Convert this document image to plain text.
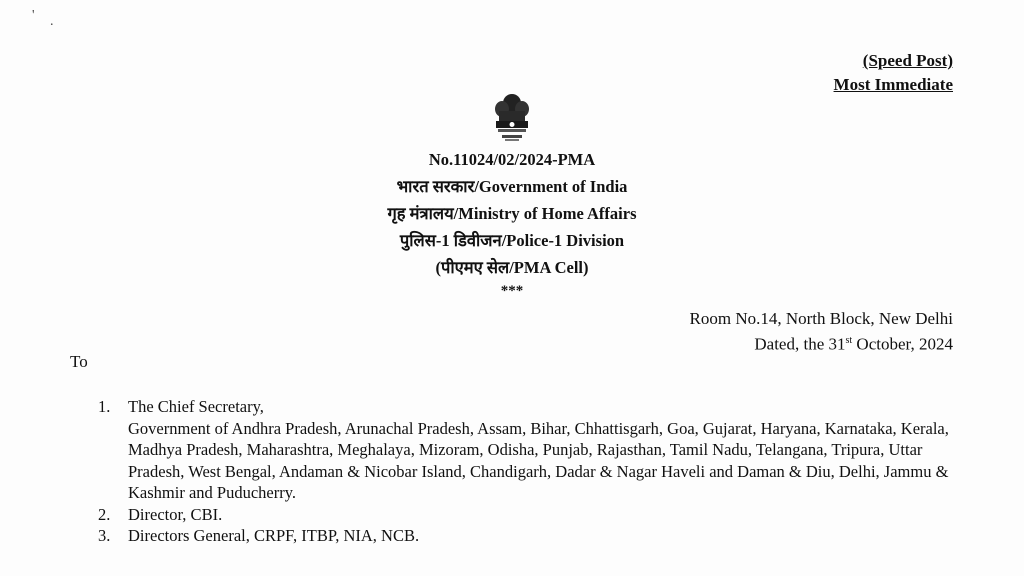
' .
(Speed Post)
Most Immediate
No.11024/02/2024-PMA
भारत सरकार/Government of India
गृह मंत्रालय/Ministry of Home Affairs
पुलिस-1 डिवीजन/Police-1 Division
(पीएमए सेल/PMA Cell)
***
Room No.14, North Block, New Delhi
Dated, the 31st October, 2024
To
1.	The Chief Secretary,
Government of Andhra Pradesh, Arunachal Pradesh, Assam, Bihar, Chhattisgarh, Goa, Gujarat, Haryana, Karnataka, Kerala, Madhya Pradesh, Maharashtra, Meghalaya, Mizoram, Odisha, Punjab, Rajasthan, Tamil Nadu, Telangana, Tripura, Uttar Pradesh, West Bengal, Andaman & Nicobar Island, Chandigarh, Dadar & Nagar Haveli and Daman & Diu, Delhi, Jammu & Kashmir and Puducherry.
2.	Director, CBI.
3.	Directors General, CRPF, ITBP, NIA, NCB.
